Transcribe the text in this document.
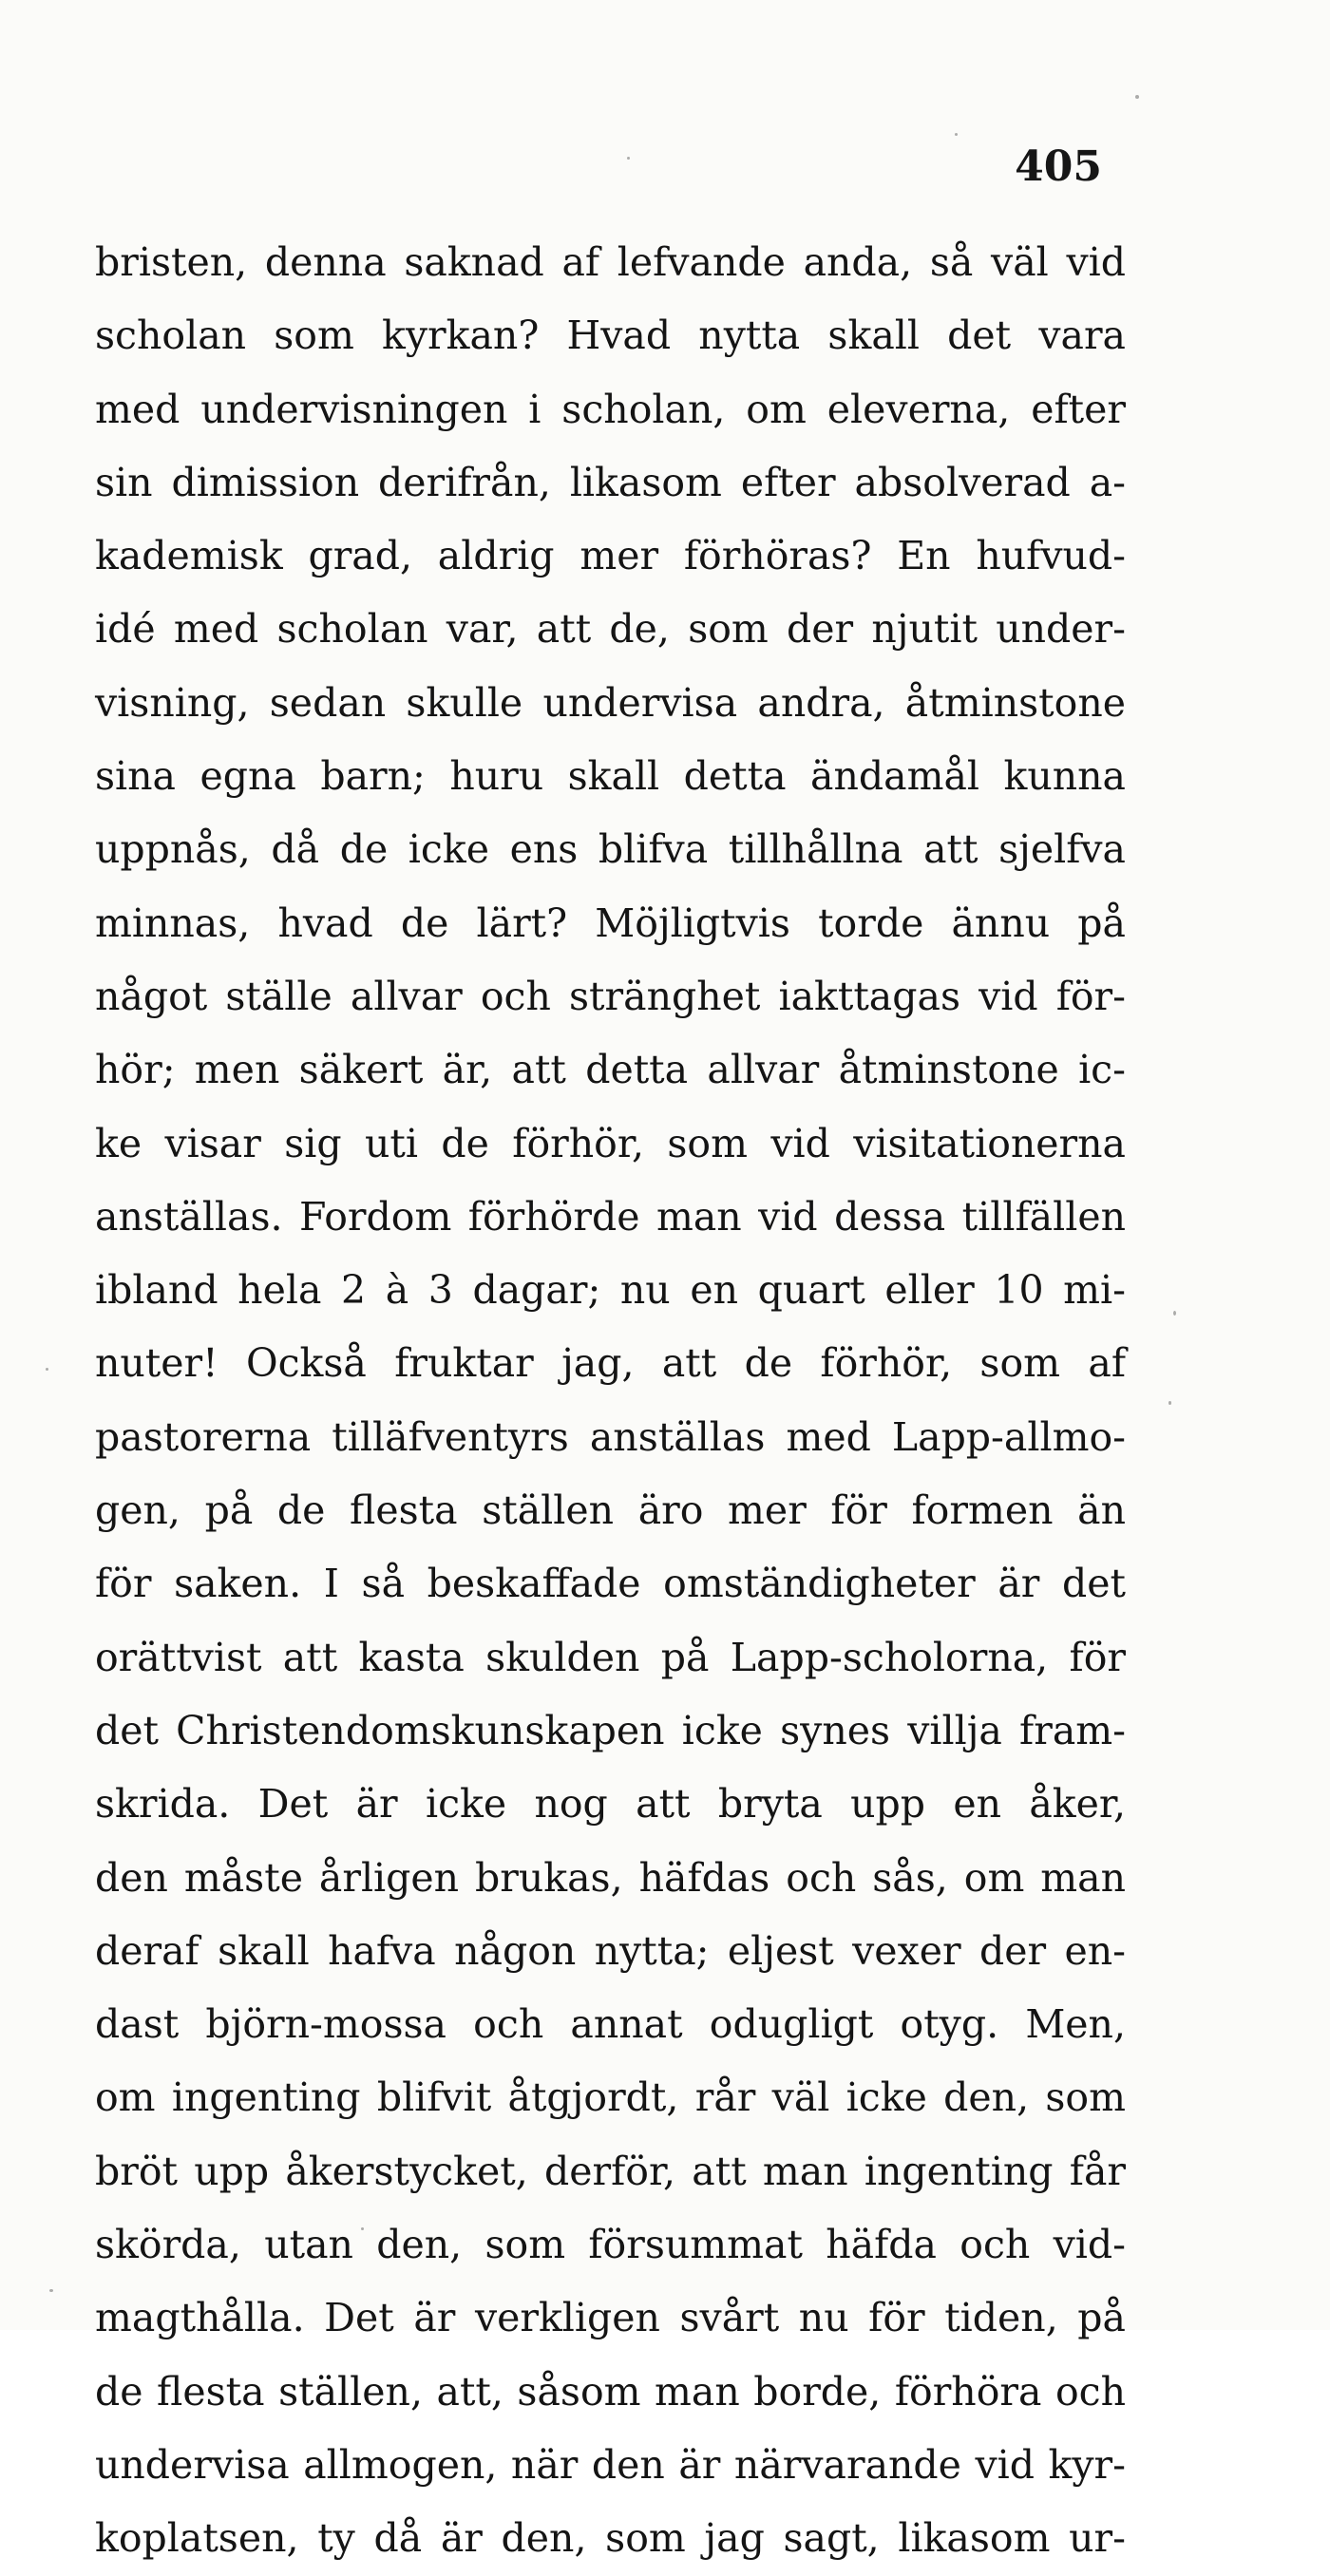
405
bristen, denna saknad af lefvande anda, så väl vid
scholan som kyrkan? Hvad nytta skall det vara
med undervisningen i scholan, om eleverna, efter
sin dimission derifrån, likasom efter absolverad a-
kademisk grad, aldrig mer förhöras? En hufvud-
idé med scholan var, att de, som der njutit under-
visning, sedan skulle undervisa andra, åtminstone
sina egna barn; huru skall detta ändamål kunna
uppnås, då de icke ens blifva tillhållna att sjelfva
minnas, hvad de lärt? Möjligtvis torde ännu på
något ställe allvar och stränghet iakttagas vid för-
hör; men säkert är, att detta allvar åtminstone ic-
ke visar sig uti de förhör, som vid visitationerna
anställas. Fordom förhörde man vid dessa tillfällen
ibland hela 2 à 3 dagar; nu en quart eller 10 mi-
nuter! Också fruktar jag, att de förhör, som af
pastorerna tilläfventyrs anställas med Lapp-allmo-
gen, på de flesta ställen äro mer för formen än
för saken. I så beskaffade omständigheter är det
orättvist att kasta skulden på Lapp-scholorna, för
det Christendomskunskapen icke synes villja fram-
skrida. Det är icke nog att bryta upp en åker,
den måste årligen brukas, häfdas och sås, om man
deraf skall hafva någon nytta; eljest vexer der en-
dast björn-mossa och annat odugligt otyg. Men,
om ingenting blifvit åtgjordt, rår väl icke den, som
bröt upp åkerstycket, derför, att man ingenting får
skörda, utan den, som försummat häfda och vid-
magthålla. Det är verkligen svårt nu för tiden, på
de flesta ställen, att, såsom man borde, förhöra och
undervisa allmogen, när den är närvarande vid kyr-
koplatsen, ty då är den, som jag sagt, likasom ur-
